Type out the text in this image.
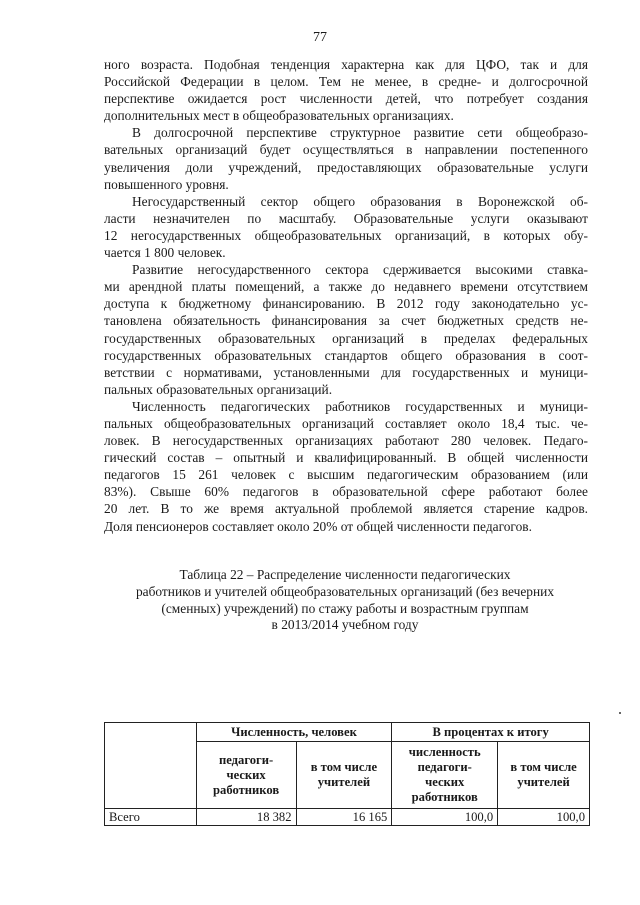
77

ного возраста. Подобная тенденция характерна как для ЦФО, так и для
Российской Федерации в целом. Тем не менее, в средне- и долгосрочной
перспективе ожидается рост численности детей, что потребует создания
дополнительных мест в общеобразовательных организациях.

В долгосрочной перспективе структурное развитие сети общеобразо-
вательных организаций будет осуществляться в направлении постепенного
увеличения доли учреждений, предоставляющих образовательные услуги
повышенного уровня.

Негосударственный сектор общего образования в Воронежской об-
ласти незначителен по масштабу. Образовательные услуги оказывают
12 негосударственных общеобразовательных организаций, в которых обу-
чается 1 800 человек.

Развитие негосударственного сектора сдерживается высокими ставка-
ми арендной платы помещений, а также до недавнего времени отсутствием
доступа к бюджетному финансированию. В 2012 году законодательно ус-
тановлена обязательность финансирования за счет бюджетных средств не-
государственных образовательных организаций в пределах федеральных
государственных образовательных стандартов общего образования в соот-
ветствии с нормативами, установленными для государственных и муници-
пальных образовательных организаций.

Численность педагогических работников государственных и муници-
пальных общеобразовательных организаций составляет около 18,4 тыс. че-
ловек. В негосударственных организациях работают 280 человек. Педаго-
гический состав – опытный и квалифицированный. В общей численности
педагогов 15 261 человек с высшим педагогическим образованием (или
83%). Свыше 60% педагогов в образовательной сфере работают более
20 лет. В то же время актуальной проблемой является старение кадров.
Доля пенсионеров составляет около 20% от общей численности педагогов.

Таблица 22 – Распределение численности педагогических
работников и учителей общеобразовательных организаций (без вечерних
(сменных) учреждений) по стажу работы и возрастным группам
в 2013/2014 учебном году
	Численность, человек		В процентах к итогу	
	педагоги-
ческих
работников	в том числе
учителей	численность
педагоги-
ческих
работников	в том числе
учителей
Всего	18 382	16 165	100,0	100,0
